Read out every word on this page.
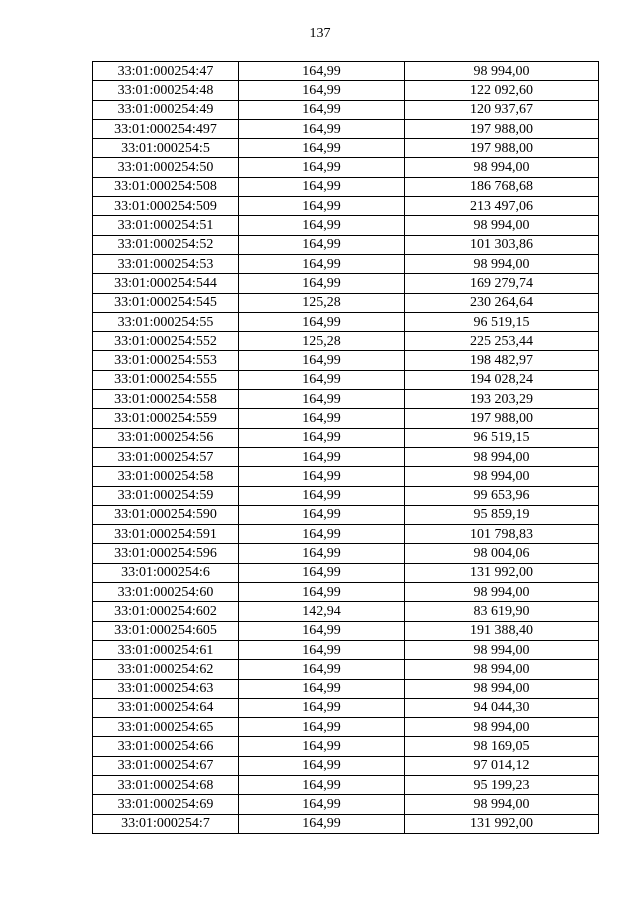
137
33:01:000254:47	164,99	98 994,00
33:01:000254:48	164,99	122 092,60
33:01:000254:49	164,99	120 937,67
33:01:000254:497	164,99	197 988,00
33:01:000254:5	164,99	197 988,00
33:01:000254:50	164,99	98 994,00
33:01:000254:508	164,99	186 768,68
33:01:000254:509	164,99	213 497,06
33:01:000254:51	164,99	98 994,00
33:01:000254:52	164,99	101 303,86
33:01:000254:53	164,99	98 994,00
33:01:000254:544	164,99	169 279,74
33:01:000254:545	125,28	230 264,64
33:01:000254:55	164,99	96 519,15
33:01:000254:552	125,28	225 253,44
33:01:000254:553	164,99	198 482,97
33:01:000254:555	164,99	194 028,24
33:01:000254:558	164,99	193 203,29
33:01:000254:559	164,99	197 988,00
33:01:000254:56	164,99	96 519,15
33:01:000254:57	164,99	98 994,00
33:01:000254:58	164,99	98 994,00
33:01:000254:59	164,99	99 653,96
33:01:000254:590	164,99	95 859,19
33:01:000254:591	164,99	101 798,83
33:01:000254:596	164,99	98 004,06
33:01:000254:6	164,99	131 992,00
33:01:000254:60	164,99	98 994,00
33:01:000254:602	142,94	83 619,90
33:01:000254:605	164,99	191 388,40
33:01:000254:61	164,99	98 994,00
33:01:000254:62	164,99	98 994,00
33:01:000254:63	164,99	98 994,00
33:01:000254:64	164,99	94 044,30
33:01:000254:65	164,99	98 994,00
33:01:000254:66	164,99	98 169,05
33:01:000254:67	164,99	97 014,12
33:01:000254:68	164,99	95 199,23
33:01:000254:69	164,99	98 994,00
33:01:000254:7	164,99	131 992,00
